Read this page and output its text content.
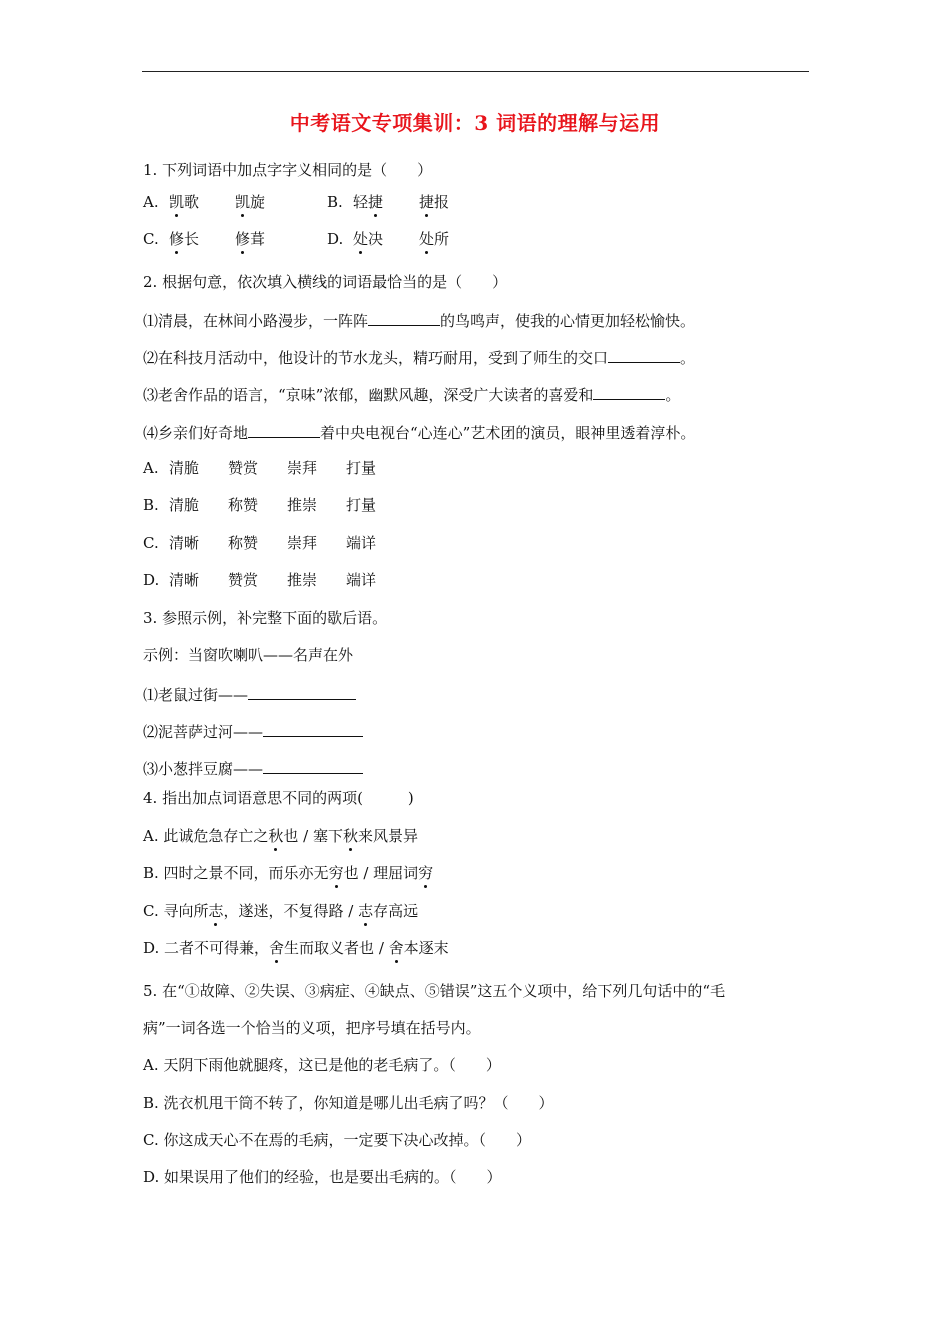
中考语文专项集训：3 词语的理解与运用
1. 下列词语中加点字字义相同的是（　　）
A. 凯歌 凯旋	B. 轻捷 捷报
C. 修长 修葺	D. 处决 处所
2. 根据句意，依次填入横线的词语最恰当的是（　　）
⑴清晨，在林间小路漫步，一阵阵	的鸟鸣声，使我的心情更加轻松愉快。
⑵在科技月活动中，他设计的节水龙头，精巧耐用，受到了师生的交口	。
⑶老舍作品的语言，“京味”浓郁，幽默风趣，深受广大读者的喜爱和	。
⑷乡亲们好奇地	着中央电视台“心连心”艺术团的演员，眼神里透着淳朴。
A. 清脆 赞赏 崇拜 打量
B. 清脆 称赞 推崇 打量
C. 清晰 称赞 崇拜 端详
D. 清晰 赞赏 推崇 端详
3. 参照示例，补完整下面的歇后语。
示例：当窗吹喇叭——名声在外
⑴老鼠过街——
⑵泥菩萨过河——
⑶小葱拌豆腐——
4. 指出加点词语意思不同的两项(　　　)
A. 此诚危急存亡之秋也 / 塞下秋来风景异
B. 四时之景不同，而乐亦无穷也 / 理屈词穷
C. 寻向所志，遂迷，不复得路 / 志存高远
D. 二者不可得兼，舍生而取义者也 / 舍本逐末
5. 在“①故障、②失误、③病症、④缺点、⑤错误”这五个义项中，给下列几句话中的“毛
病”一词各选一个恰当的义项，把序号填在括号内。
A. 天阴下雨他就腿疼，这已是他的老毛病了。（　　）
B. 洗衣机甩干筒不转了，你知道是哪儿出毛病了吗？（　　）
C. 你这成天心不在焉的毛病，一定要下决心改掉。（　　）
D. 如果误用了他们的经验，也是要出毛病的。（　　）
